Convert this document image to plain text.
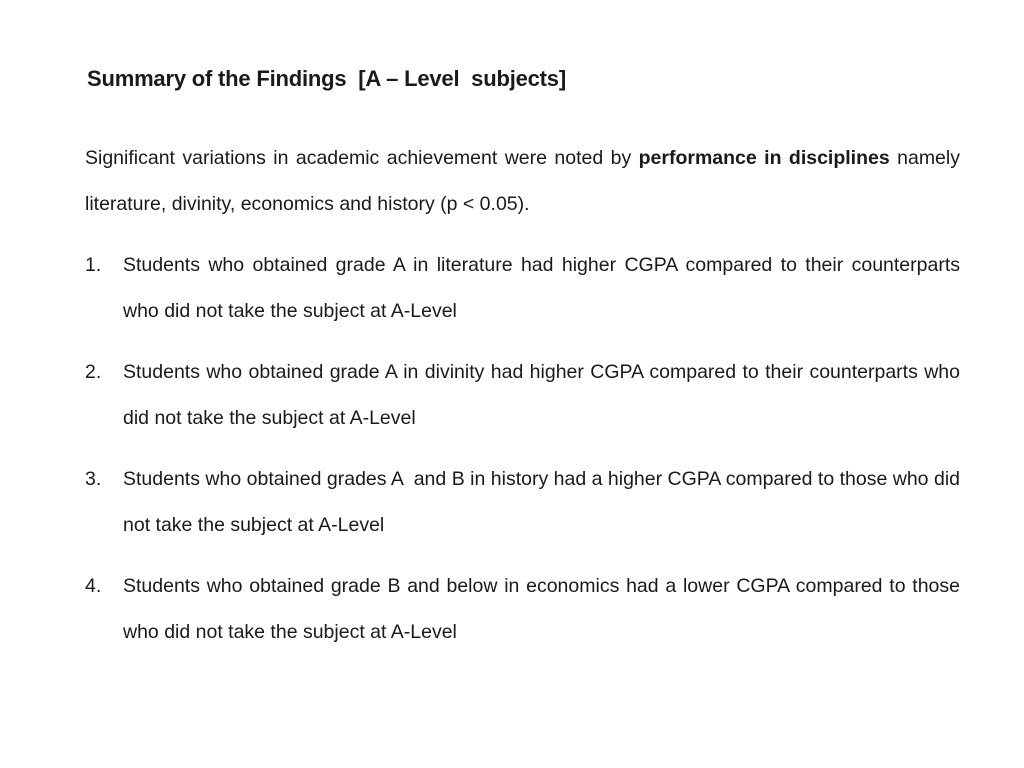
Summary of the Findings  [A – Level  subjects]

Significant variations in academic achievement were noted by performance in disciplines namely literature, divinity, economics and history (p < 0.05).

1. Students who obtained grade A in literature had higher CGPA compared to their counterparts who did not take the subject at A-Level
2. Students who obtained grade A in divinity had higher CGPA compared to their counterparts who did not take the subject at A-Level
3. Students who obtained grades A  and B in history had a higher CGPA compared to those who did not take the subject at A-Level
4. Students who obtained grade B and below in economics had a lower CGPA compared to those who did not take the subject at A-Level
